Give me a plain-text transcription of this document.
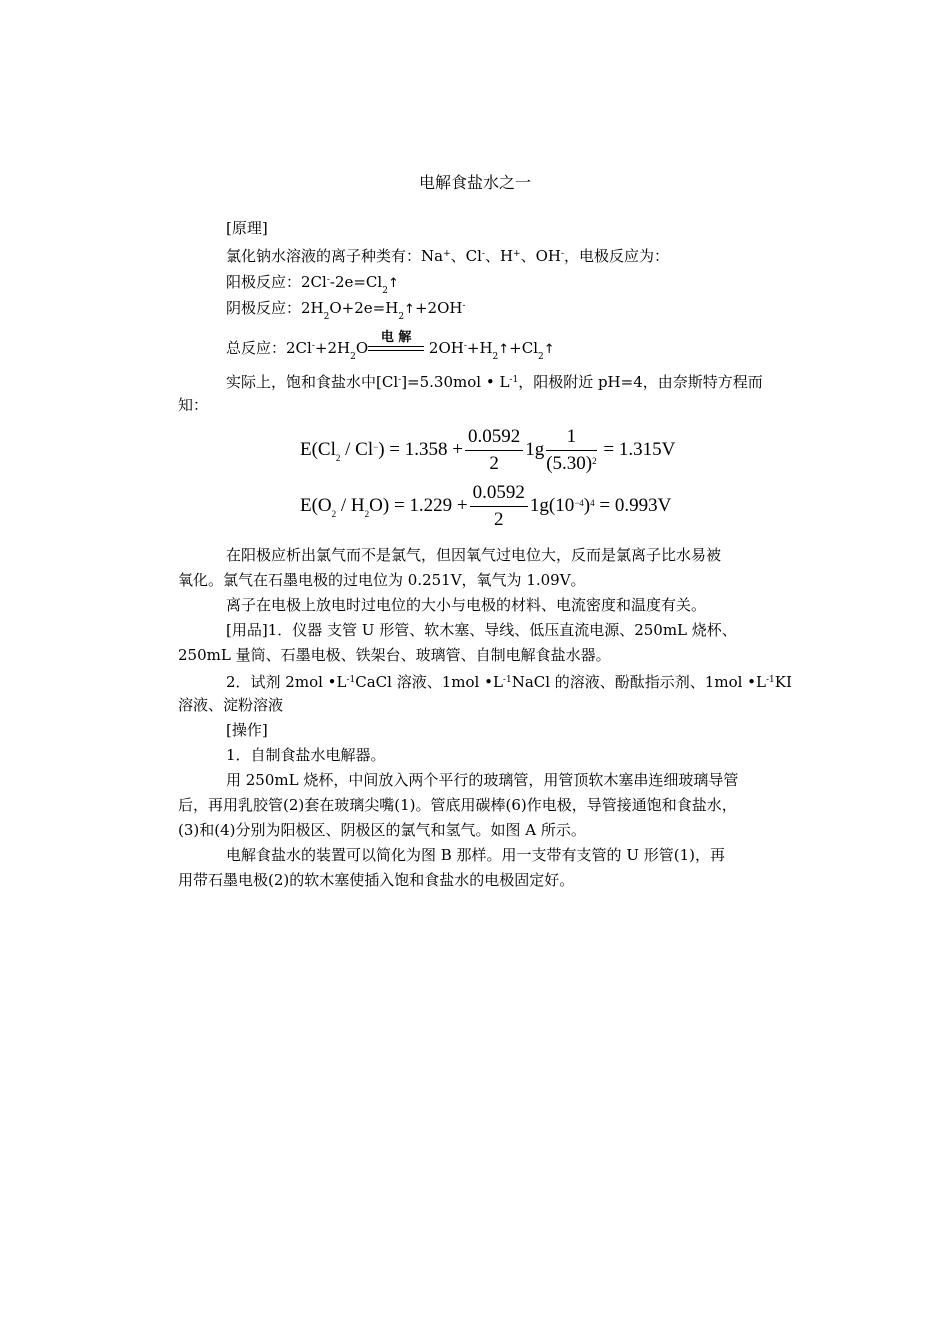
电解食盐水之一
[原理]
氯化钠水溶液的离子种类有：Na+、Cl-、H+、OH-，电极反应为：
阳极反应：$2Cl^--2e=Cl_2↑$
阴极反应：$2H_2O+2e=H_2↑+2OH^-$
总反应：$2Cl^-+2H_2O$
电 解
$2OH^-+H_2↑+Cl_2↑$
实际上，饱和食盐水中[Cl-]=5.30mol • $L^{-1}$，阳极附近 pH=4，由奈斯特方程而
知：
$E(Cl_2 / Cl^-) = 1.358 + \frac{0.0592}{2} 1g \frac{1}{(5.30)^2} = 1.315V$
$E(O_2 / H_2O) = 1.229 + \frac{0.0592}{2} 1g(10^{-4})^4 = 0.993V$
在阳极应析出氯气而不是氯气，但因氧气过电位大，反而是氯离子比水易被
氧化。氯气在石墨电极的过电位为 0.251V，氧气为 1.09V。
离子在电极上放电时过电位的大小与电极的材料、电流密度和温度有关。
[用品]1．仪器 支管 U 形管、软木塞、导线、低压直流电源、250mL 烧杯、
250mL 量筒、石墨电极、铁架台、玻璃管、自制电解食盐水器。
2．试剂 2mol $•L^{-1}CaCl$ 溶液、1mol $•L^{-1}NaCl$ 的溶液、酚酞指示剂、1mol $•L^{-1}KI$
溶液、淀粉溶液
[操作]
1．自制食盐水电解器。
用 250mL 烧杯，中间放入两个平行的玻璃管，用管顶软木塞串连细玻璃导管
后，再用乳胶管(2)套在玻璃尖嘴(1)。管底用碳棒(6)作电极，导管接通饱和食盐水，
(3)和(4)分别为阳极区、阴极区的氯气和氢气。如图 A 所示。
电解食盐水的装置可以简化为图 B 那样。用一支带有支管的 U 形管(1)，再
用带石墨电极(2)的软木塞使插入饱和食盐水的电极固定好。
